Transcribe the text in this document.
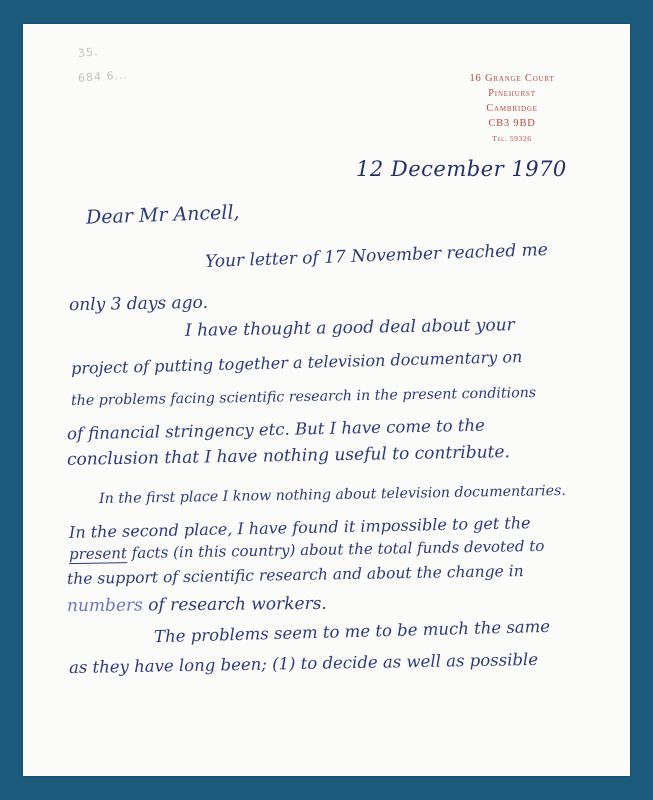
35.
684 6...	16 Grange Court
Pinehurst
Cambridge
CB3 9BD
Tel. 59326
12 December 1970
Dear Mr Ancell,
Your letter of 17 November reached me
only 3 days ago.
I have thought a good deal about your
project of putting together a television documentary on
the problems facing scientific research in the present conditions
of financial stringency etc. But I have come to the
conclusion that I have nothing useful to contribute.
In the first place I know nothing about television documentaries.
In the second place, I have found it impossible to get the
present facts (in this country) about the total funds devoted to
the support of scientific research and about the change in
numbers of research workers.
The problems seem to me to be much the same
as they have long been; (1) to decide as well as possible
